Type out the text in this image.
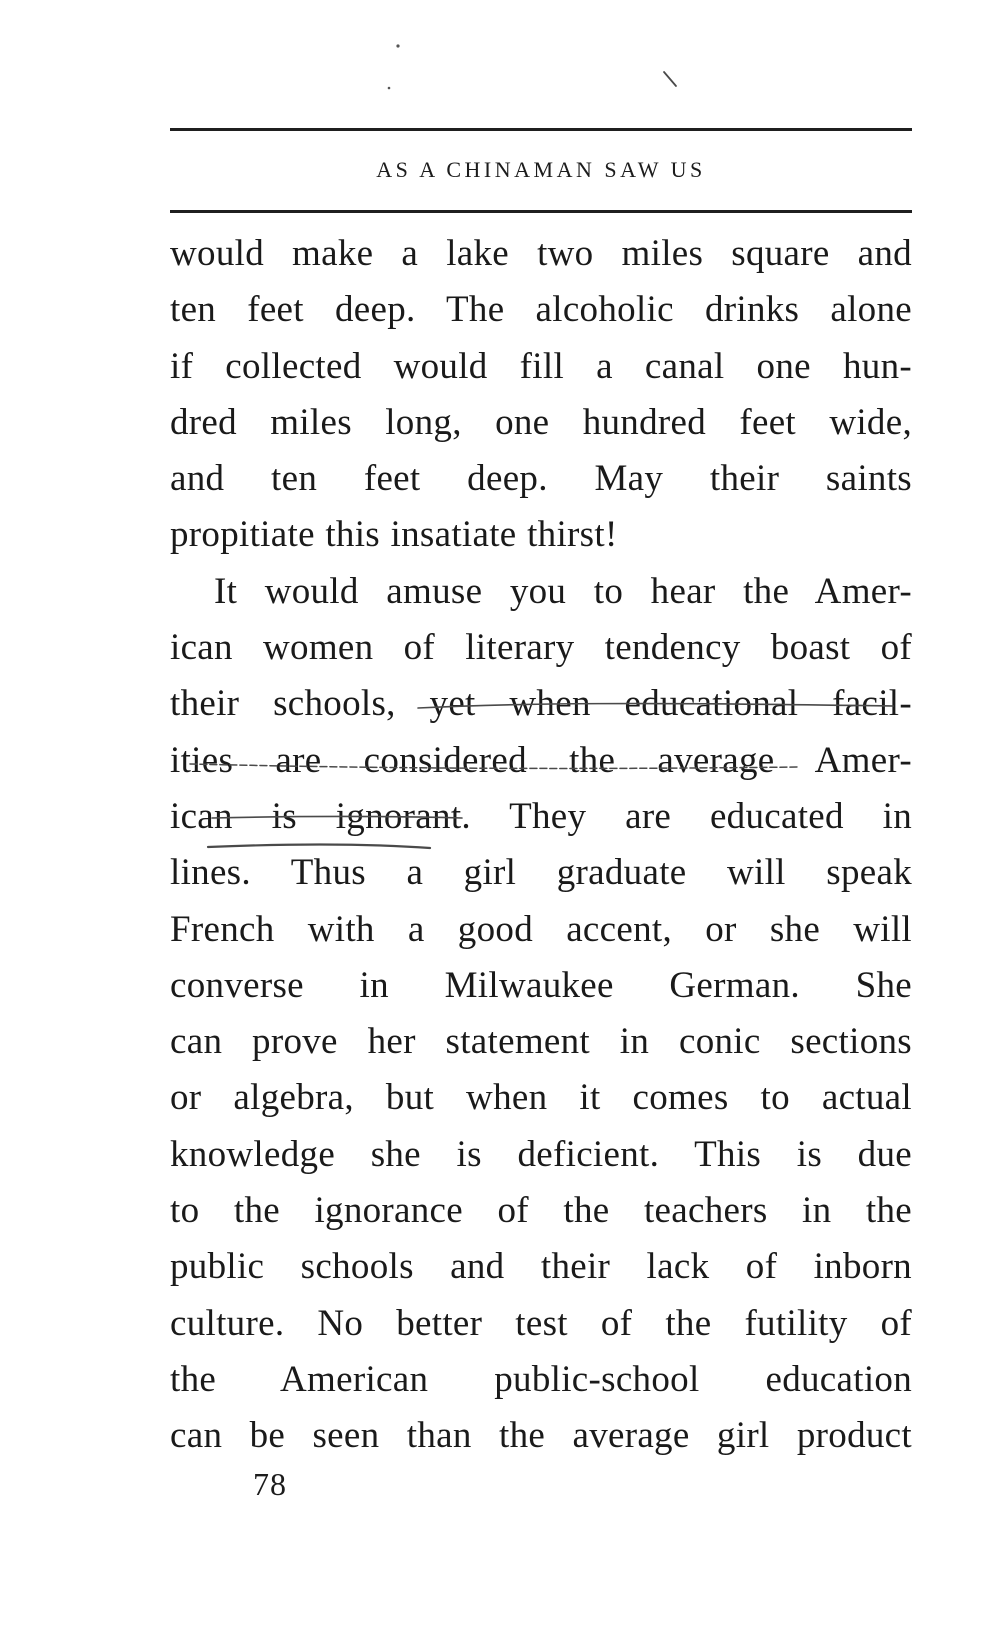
AS A CHINAMAN SAW US
would make a lake two miles square and
ten feet deep. The alcoholic drinks alone
if collected would fill a canal one hun-
dred miles long, one hundred feet wide,
and ten feet deep. May their saints
propitiate this insatiate thirst!
It would amuse you to hear the Amer-
ican women of literary tendency boast of
their schools, yet when educational facil-
ities are considered the average Amer-
ican is ignorant. They are educated in
lines. Thus a girl graduate will speak
French with a good accent, or she will
converse in Milwaukee German. She
can prove her statement in conic sections
or algebra, but when it comes to actual
knowledge she is deficient. This is due
to the ignorance of the teachers in the
public schools and their lack of inborn
culture. No better test of the futility of
the American public-school education
can be seen than the average girl product
78
